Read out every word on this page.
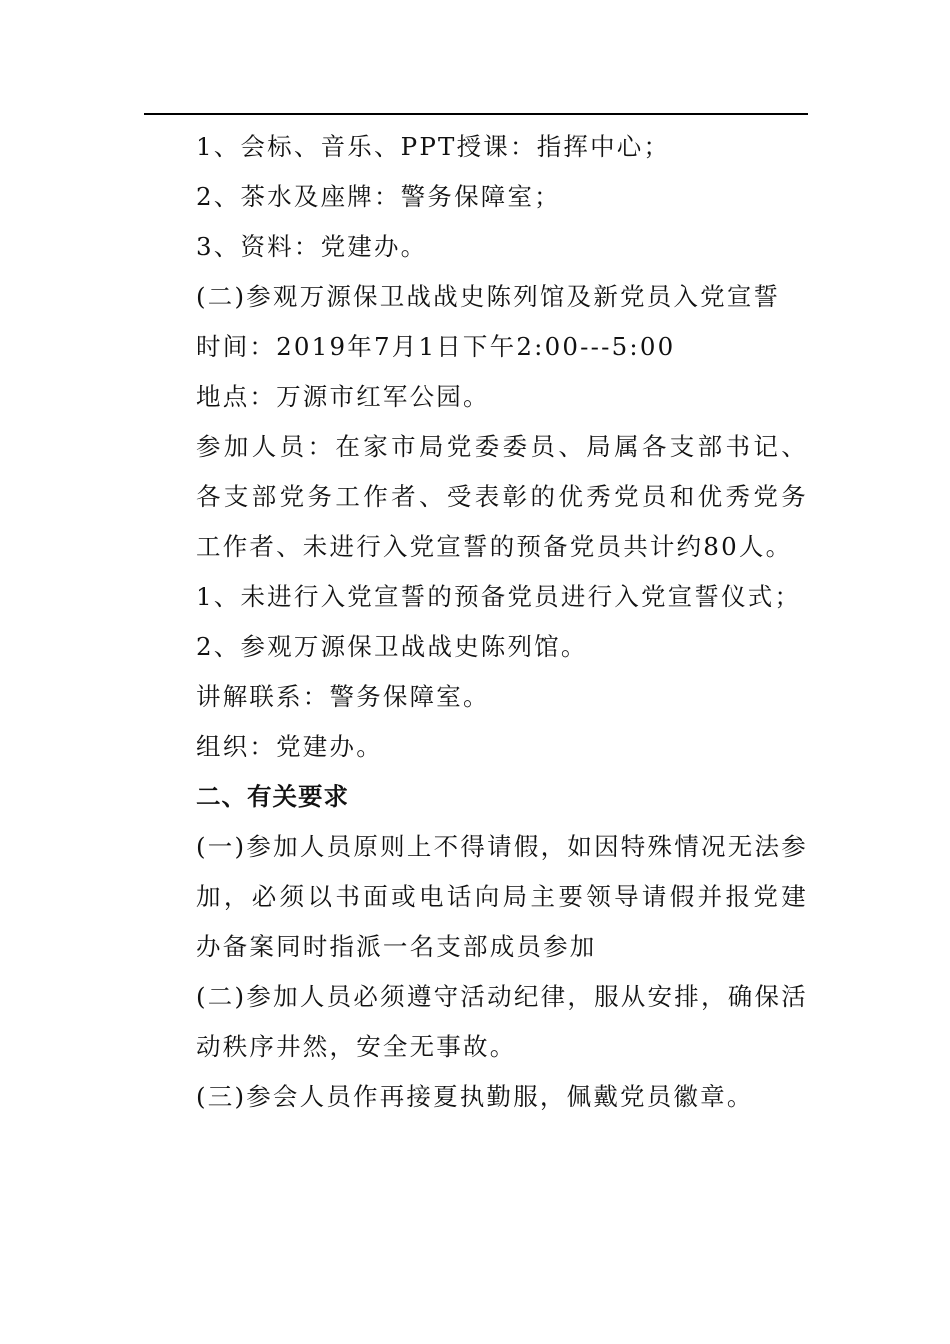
1、会标、音乐、PPT授课：指挥中心；

2、茶水及座牌：警务保障室；

3、资料：党建办。

(二)参观万源保卫战战史陈列馆及新党员入党宣誓

时间：2019年7月1日下午2:00---5:00

地点：万源市红军公园。

参加人员：在家市局党委委员、局属各支部书记、各支部党务工作者、受表彰的优秀党员和优秀党务工作者、未进行入党宣誓的预备党员共计约80人。

1、未进行入党宣誓的预备党员进行入党宣誓仪式；

2、参观万源保卫战战史陈列馆。

讲解联系：警务保障室。

组织：党建办。

二、有关要求

(一)参加人员原则上不得请假，如因特殊情况无法参加，必须以书面或电话向局主要领导请假并报党建办备案同时指派一名支部成员参加

(二)参加人员必须遵守活动纪律，服从安排，确保活动秩序井然，安全无事故。

(三)参会人员作再接夏执勤服，佩戴党员徽章。
